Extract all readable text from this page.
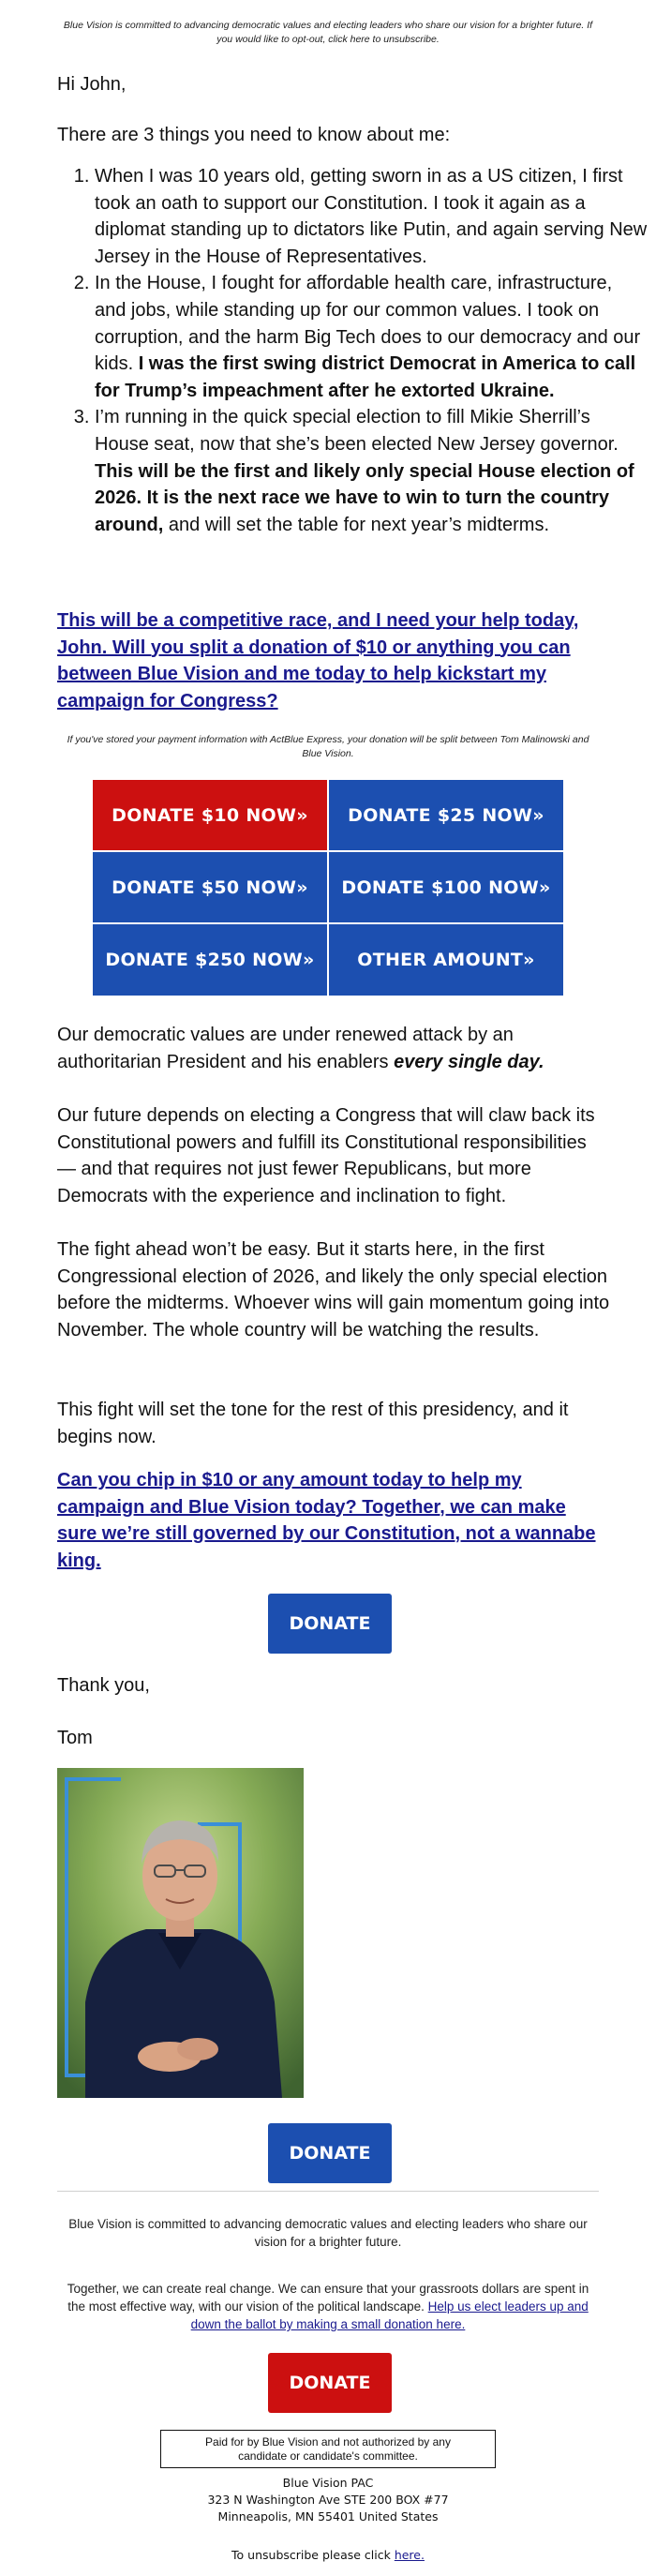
Blue Vision is committed to advancing democratic values and electing leaders who share our vision for a brighter future. If you would like to opt-out, click here to unsubscribe.

Hi John,

There are 3 things you need to know about me:

1. When I was 10 years old, getting sworn in as a US citizen, I first took an oath to support our Constitution. I took it again as a diplomat standing up to dictators like Putin, and again serving New Jersey in the House of Representatives.
2. In the House, I fought for affordable health care, infrastructure, and jobs, while standing up for our common values. I took on corruption, and the harm Big Tech does to our democracy and our kids. I was the first swing district Democrat in America to call for Trump’s impeachment after he extorted Ukraine.
3. I’m running in the quick special election to fill Mikie Sherrill’s House seat, now that she’s been elected New Jersey governor. This will be the first and likely only special House election of 2026. It is the next race we have to win to turn the country around, and will set the table for next year’s midterms.
This will be a competitive race, and I need your help today, John. Will you split a donation of $10 or anything you can between Blue Vision and me today to help kickstart my campaign for Congress?
If you've stored your payment information with ActBlue Express, your donation will be split between Tom Malinowski and Blue Vision.
DONATE $10 NOW»	DONATE $25 NOW»
DONATE $50 NOW»	DONATE $100 NOW»
DONATE $250 NOW»	OTHER AMOUNT»

Our democratic values are under renewed attack by an authoritarian President and his enablers every single day.

Our future depends on electing a Congress that will claw back its Constitutional powers and fulfill its Constitutional responsibilities — and that requires not just fewer Republicans, but more Democrats with the experience and inclination to fight.

The fight ahead won’t be easy. But it starts here, in the first Congressional election of 2026, and likely the only special election before the midterms. Whoever wins will gain momentum going into November. The whole country will be watching the results.

This fight will set the tone for the rest of this presidency, and it begins now.

Can you chip in $10 or any amount today to help my campaign and Blue Vision today? Together, we can make sure we’re still governed by our Constitution, not a wannabe king.
DONATE

Thank you,

Tom

DONATE

Blue Vision is committed to advancing democratic values and electing leaders who share our vision for a brighter future.

Together, we can create real change. We can ensure that your grassroots dollars are spent in the most effective way, with our vision of the political landscape. Help us elect leaders up and down the ballot by making a small donation here.

DONATE
Paid for by Blue Vision and not authorized by any candidate or candidate's committee.
Blue Vision PAC
323 N Washington Ave STE 200 BOX #77
Minneapolis, MN 55401 United States
To unsubscribe please click here.
